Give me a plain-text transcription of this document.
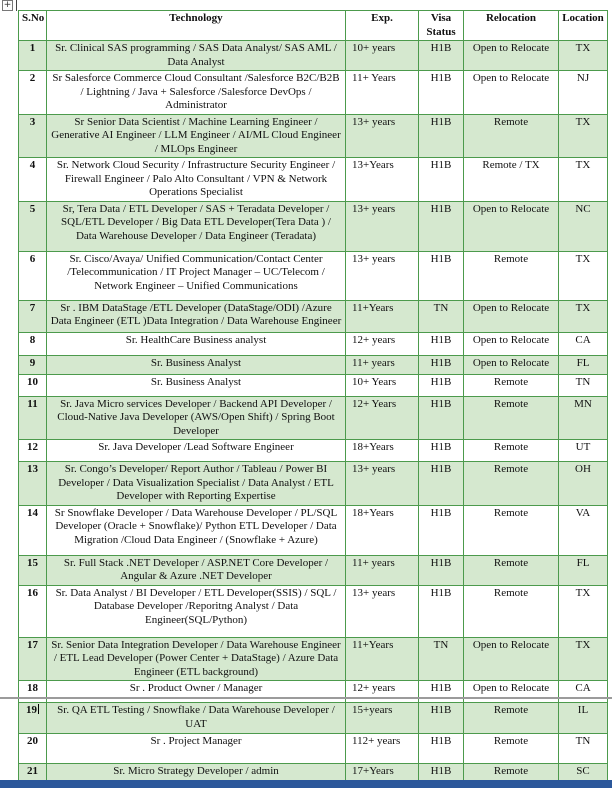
+
S.No	Technology	Exp.	Visa Status	Relocation	Location
1	Sr. Clinical SAS programming / SAS Data Analyst/ SAS AML / Data Analyst	10+ years	H1B	Open to Relocate	TX
2	Sr Salesforce Commerce Cloud Consultant /Salesforce B2C/B2B / Lightning / Java + Salesforce /Salesforce DevOps / Administrator	11+ Years	H1B	Open to Relocate	NJ
3	Sr Senior Data Scientist / Machine Learning Engineer / Generative AI Engineer / LLM Engineer / AI/ML Cloud Engineer / MLOps Engineer	13+ years	H1B	Remote	TX
4	Sr. Network Cloud Security / Infrastructure Security Engineer / Firewall Engineer / Palo Alto Consultant / VPN & Network Operations Specialist	13+Years	H1B	Remote / TX	TX
5	Sr, Tera Data / ETL Developer / SAS + Teradata Developer / SQL/ETL Developer / Big Data ETL Developer(Tera Data ) / Data Warehouse Developer / Data Engineer (Teradata)	13+ years	H1B	Open to Relocate	NC
6	Sr. Cisco/Avaya/ Unified Communication/Contact Center /Telecommunication / IT Project Manager – UC/Telecom / Network Engineer – Unified Communications	13+ years	H1B	Remote	TX
7	Sr . IBM DataStage /ETL Developer (DataStage/ODI) /Azure Data Engineer (ETL )Data Integration / Data Warehouse Engineer	11+Years	TN	Open to Relocate	TX
8	Sr. HealthCare Business analyst	12+ years	H1B	Open to Relocate	CA
9	Sr. Business Analyst	11+ years	H1B	Open to Relocate	FL
10	Sr. Business Analyst	10+ Years	H1B	Remote	TN
11	Sr. Java Micro services Developer / Backend API Developer / Cloud-Native Java Developer (AWS/Open Shift) / Spring Boot Developer	12+ Years	H1B	Remote	MN
12	Sr. Java Developer /Lead Software Engineer	18+Years	H1B	Remote	UT
13	Sr. Congo’s Developer/ Report Author / Tableau / Power BI Developer / Data Visualization Specialist / Data Analyst / ETL Developer with Reporting Expertise	13+ years	H1B	Remote	OH
14	Sr Snowflake Developer / Data Warehouse Developer / PL/SQL Developer (Oracle + Snowflake)/ Python ETL Developer / Data Migration /Cloud Data Engineer / (Snowflake + Azure)	18+Years	H1B	Remote	VA
15	Sr. Full Stack .NET Developer / ASP.NET Core Developer / Angular & Azure .NET Developer	11+ years	H1B	Remote	FL
16	Sr. Data Analyst / BI Developer / ETL Developer(SSIS) / SQL / Database Developer /Reporitng Analyst / Data Engineer(SQL/Python)	13+ years	H1B	Remote	TX
17	Sr. Senior Data Integration Developer / Data Warehouse Engineer / ETL Lead Developer (Power Center + DataStage) / Azure Data Engineer (ETL background)	11+Years	TN	Open to Relocate	TX
18	Sr . Product Owner / Manager	12+ years	H1B	Open to Relocate	CA
19	Sr. QA ETL Testing / Snowflake / Data Warehouse Developer / UAT	15+years	H1B	Remote	IL
20	Sr . Project Manager	112+ years	H1B	Remote	TN
21	Sr. Micro Strategy Developer / admin	17+Years	H1B	Remote	SC
